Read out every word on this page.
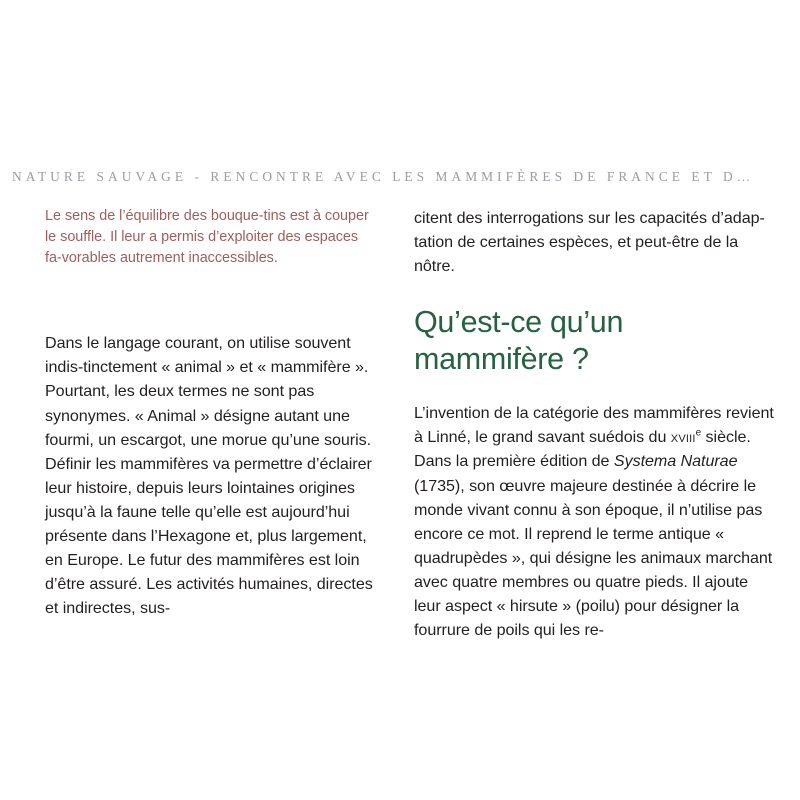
NATURE SAUVAGE - RENCONTRE AVEC LES MAMMIFÈRES DE FRANCE ET D…

Le sens de l’équilibre des bouque-tins est à couper le souffle. Il leur a permis d’exploiter des espaces fa-vorables autrement inaccessibles.

Dans le langage courant, on utilise souvent indis-tinctement « animal » et « mammifère ». Pourtant, les deux termes ne sont pas synonymes. « Animal » désigne autant une fourmi, un escargot, une morue qu’une souris. Définir les mammifères va permettre d’éclairer leur histoire, depuis leurs lointaines origines jusqu’à la faune telle qu’elle est aujourd’hui présente dans l’Hexagone et, plus largement, en Europe. Le futur des mammifères est loin d’être assuré. Les activités humaines, directes et indirectes, sus-

citent des interrogations sur les capacités d’adap-tation de certaines espèces, et peut-être de la nôtre.

Qu’est-ce qu’un mammifère ?

L’invention de la catégorie des mammifères revient à Linné, le grand savant suédois du xviii$^e$ siècle. Dans la première édition de Systema Naturae (1735), son œuvre majeure destinée à décrire le monde vivant connu à son époque, il n’utilise pas encore ce mot. Il reprend le terme antique « quadrupèdes », qui désigne les animaux marchant avec quatre membres ou quatre pieds. Il ajoute leur aspect « hirsute » (poilu) pour désigner la fourrure de poils qui les re-
